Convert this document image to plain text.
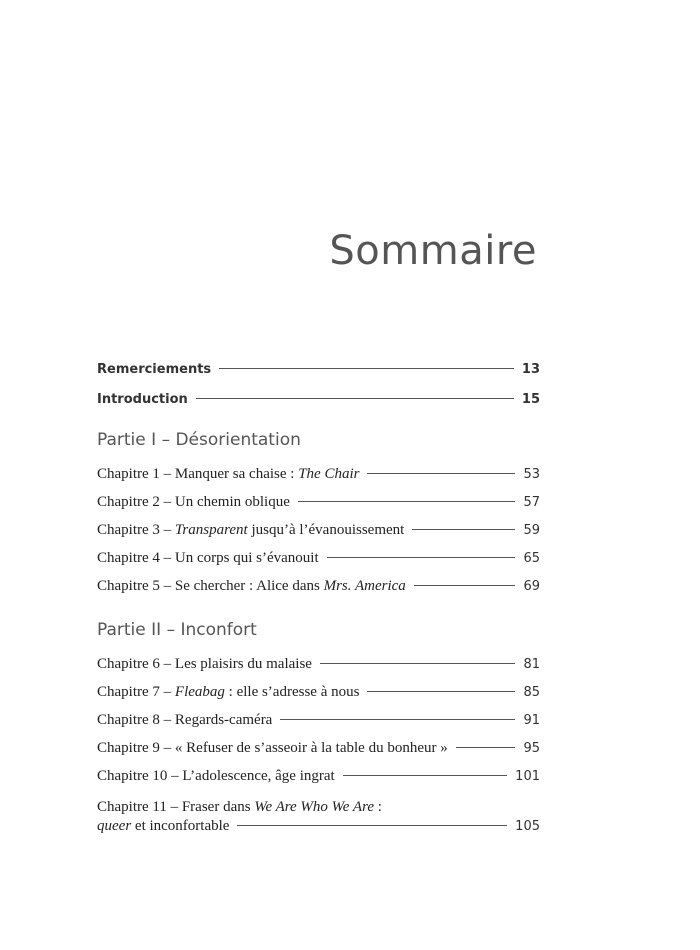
Sommaire
Remerciements	13
Introduction	15
Partie I – Désorientation
Chapitre 1 – Manquer sa chaise : The Chair	53
Chapitre 2 – Un chemin oblique	57
Chapitre 3 – Transparent jusqu’à l’évanouissement	59
Chapitre 4 – Un corps qui s’évanouit	65
Chapitre 5 – Se chercher : Alice dans Mrs. America	69
Partie II – Inconfort
Chapitre 6 – Les plaisirs du malaise	81
Chapitre 7 – Fleabag : elle s’adresse à nous	85
Chapitre 8 – Regards-caméra	91
Chapitre 9 – « Refuser de s’asseoir à la table du bonheur »	95
Chapitre 10 – L’adolescence, âge ingrat	101
Chapitre 11 – Fraser dans We Are Who We Are :
queer et inconfortable	105
